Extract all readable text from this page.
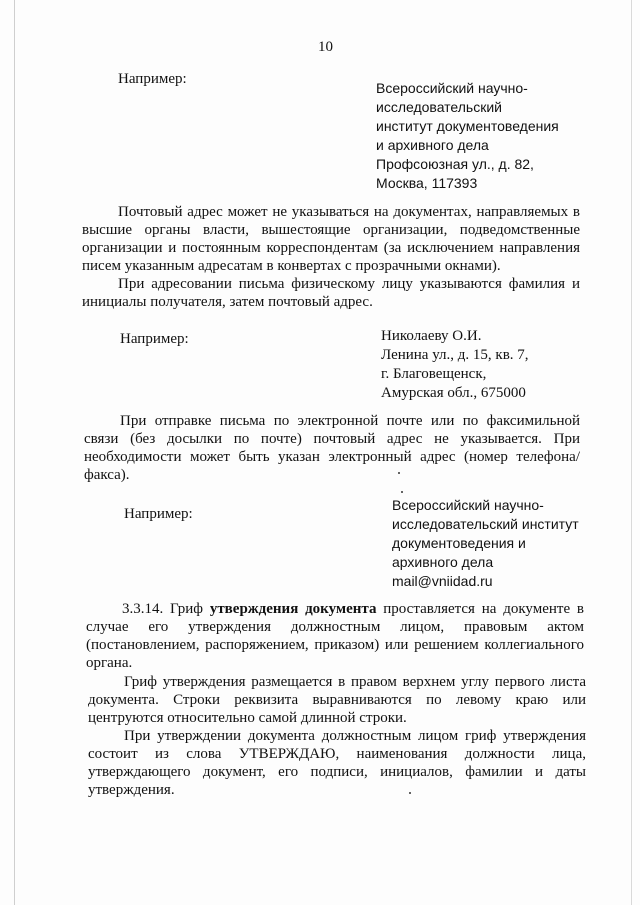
10
Например:
Всероссийский научно-
исследовательский
институт документоведения
и архивного дела
Профсоюзная ул., д. 82,
Москва, 117393
Почтовый адрес может не указываться на документах, направляемых в
высшие органы власти, вышестоящие организации, подведомственные
организации и постоянным корреспондентам (за исключением направления
писем указанным адресатам в конвертах с прозрачными окнами).
При адресовании письма физическому лицу указываются фамилия и
инициалы получателя, затем почтовый адрес.
Например:	Николаеву О.И.
Ленина ул., д. 15, кв. 7,
г. Благовещенск,
Амурская обл., 675000
При отправке письма по электронной почте или по факсимильной
связи (без досылки по почте) почтовый адрес не указывается. При
необходимости может быть указан электронный адрес (номер телефона/
факса).
Например:
Всероссийский научно-
исследовательский институт
документоведения и
архивного дела
mail@vniidad.ru
3.3.14. Гриф утверждения документа проставляется на документе в
случае его утверждения должностным лицом, правовым актом
(постановлением, распоряжением, приказом) или решением коллегиального
органа.
Гриф утверждения размещается в правом верхнем углу первого листа
документа. Строки реквизита выравниваются по левому краю или
центруются относительно самой длинной строки.
При утверждении документа должностным лицом гриф утверждения
состоит из слова УТВЕРЖДАЮ, наименования должности лица,
утверждающего документ, его подписи, инициалов, фамилии и даты
утверждения.
